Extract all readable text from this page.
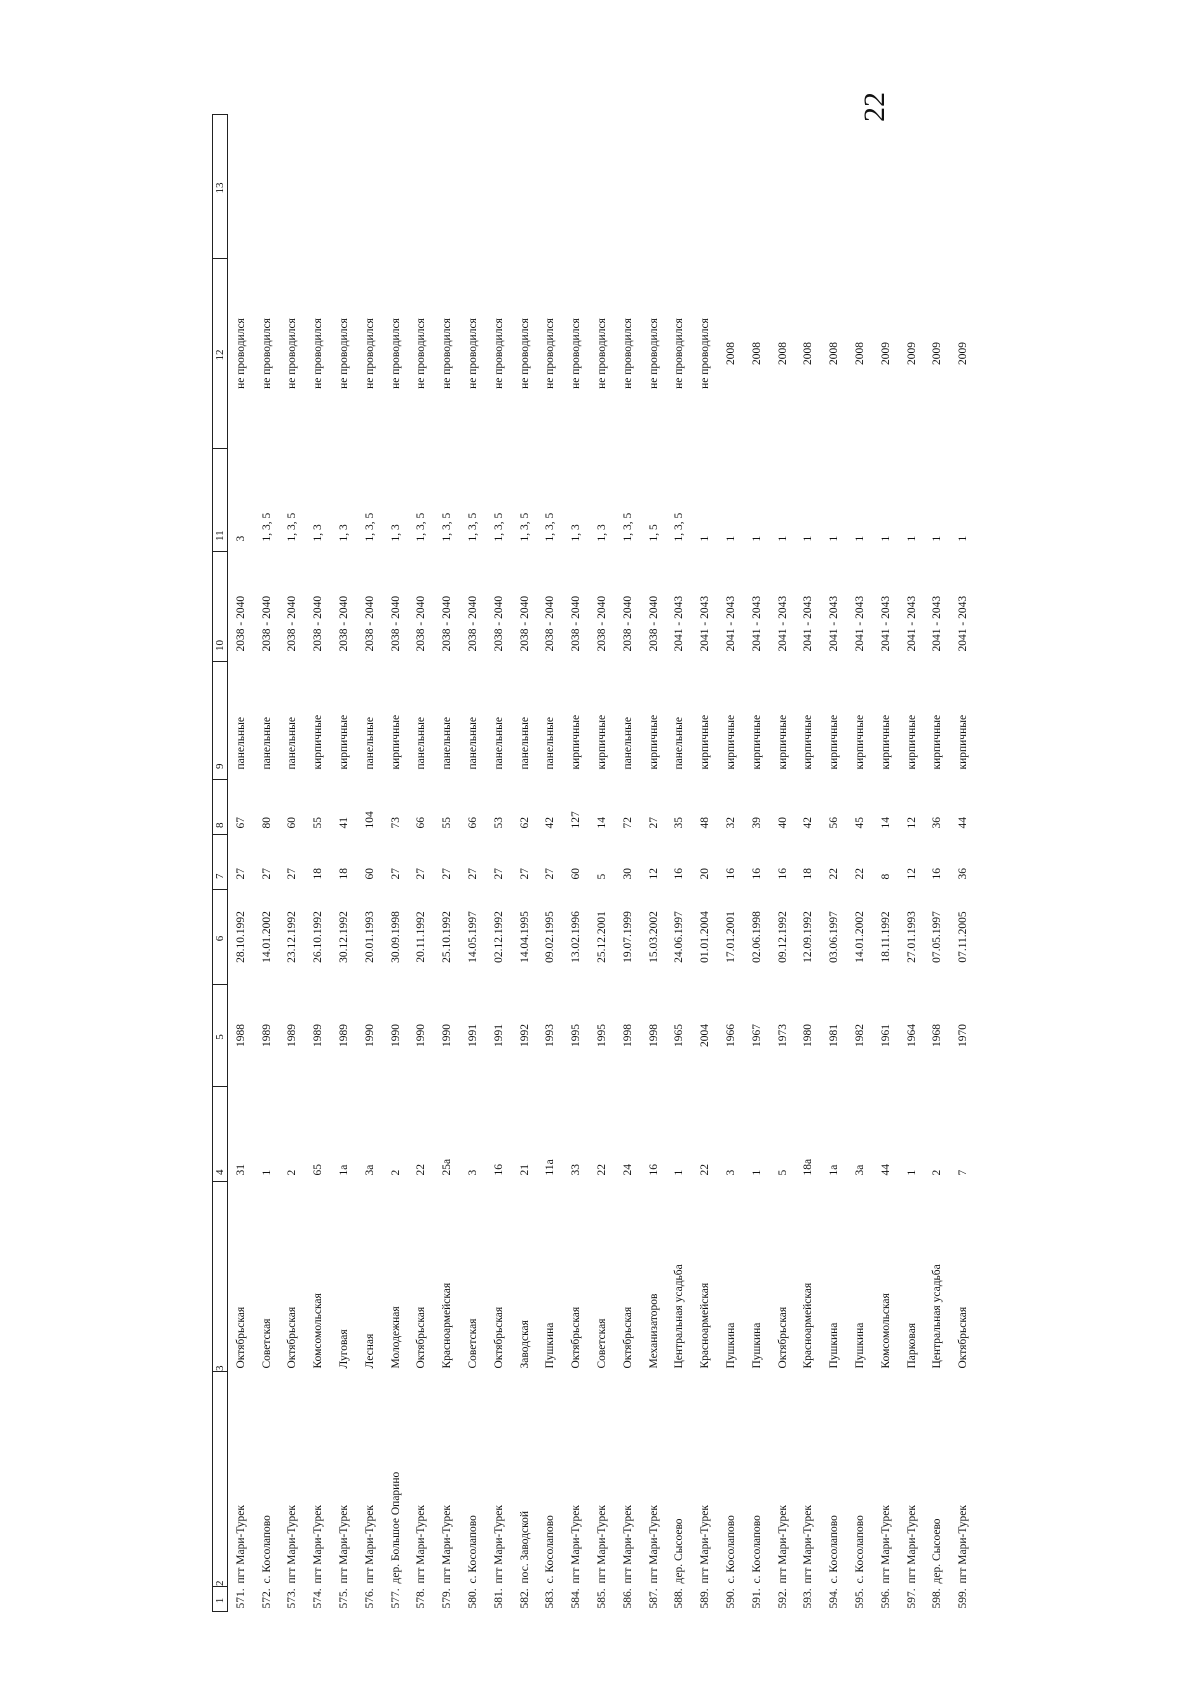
22
1	2	3	4	5	6	7	8	9	10	11	12	13
571.	пгт Мари-Турек	Октябрьская	31	1988	28.10.1992	27	67	панельные	2038 - 2040	3	не проводился	
572.	с. Косолапово	Советская	1	1989	14.01.2002	27	80	панельные	2038 - 2040	1, 3, 5	не проводился	
573.	пгт Мари-Турек	Октябрьская	2	1989	23.12.1992	27	60	панельные	2038 - 2040	1, 3, 5	не проводился	
574.	пгт Мари-Турек	Комсомольская	65	1989	26.10.1992	18	55	кирпичные	2038 - 2040	1, 3	не проводился	
575.	пгт Мари-Турек	Луговая	1а	1989	30.12.1992	18	41	кирпичные	2038 - 2040	1, 3	не проводился	
576.	пгт Мари-Турек	Лесная	3а	1990	20.01.1993	60	104	панельные	2038 - 2040	1, 3, 5	не проводился	
577.	дер. Большое Опарино	Молодежная	2	1990	30.09.1998	27	73	кирпичные	2038 - 2040	1, 3	не проводился	
578.	пгт Мари-Турек	Октябрьская	22	1990	20.11.1992	27	66	панельные	2038 - 2040	1, 3, 5	не проводился	
579.	пгт Мари-Турек	Красноармейская	25а	1990	25.10.1992	27	55	панельные	2038 - 2040	1, 3, 5	не проводился	
580.	с. Косолапово	Советская	3	1991	14.05.1997	27	66	панельные	2038 - 2040	1, 3, 5	не проводился	
581.	пгт Мари-Турек	Октябрьская	16	1991	02.12.1992	27	53	панельные	2038 - 2040	1, 3, 5	не проводился	
582.	пос. Заводской	Заводская	21	1992	14.04.1995	27	62	панельные	2038 - 2040	1, 3, 5	не проводился	
583.	с. Косолапово	Пушкина	11а	1993	09.02.1995	27	42	панельные	2038 - 2040	1, 3, 5	не проводился	
584.	пгт Мари-Турек	Октябрьская	33	1995	13.02.1996	60	127	кирпичные	2038 - 2040	1, 3	не проводился	
585.	пгт Мари-Турек	Советская	22	1995	25.12.2001	5	14	кирпичные	2038 - 2040	1, 3	не проводился	
586.	пгт Мари-Турек	Октябрьская	24	1998	19.07.1999	30	72	панельные	2038 - 2040	1, 3, 5	не проводился	
587.	пгт Мари-Турек	Механизаторов	16	1998	15.03.2002	12	27	кирпичные	2038 - 2040	1, 5	не проводился	
588.	дер. Сысоево	Центральная усадьба	1	1965	24.06.1997	16	35	панельные	2041 - 2043	1, 3, 5	не проводился	
589.	пгт Мари-Турек	Красноармейская	22	2004	01.01.2004	20	48	кирпичные	2041 - 2043	1	не проводился	
590.	с. Косолапово	Пушкина	3	1966	17.01.2001	16	32	кирпичные	2041 - 2043	1	2008	
591.	с. Косолапово	Пушкина	1	1967	02.06.1998	16	39	кирпичные	2041 - 2043	1	2008	
592.	пгт Мари-Турек	Октябрьская	5	1973	09.12.1992	16	40	кирпичные	2041 - 2043	1	2008	
593.	пгт Мари-Турек	Красноармейская	18а	1980	12.09.1992	18	42	кирпичные	2041 - 2043	1	2008	
594.	с. Косолапово	Пушкина	1а	1981	03.06.1997	22	56	кирпичные	2041 - 2043	1	2008	
595.	с. Косолапово	Пушкина	3а	1982	14.01.2002	22	45	кирпичные	2041 - 2043	1	2008	
596.	пгт Мари-Турек	Комсомольская	44	1961	18.11.1992	8	14	кирпичные	2041 - 2043	1	2009	
597.	пгт Мари-Турек	Парковая	1	1964	27.01.1993	12	12	кирпичные	2041 - 2043	1	2009	
598.	дер. Сысоево	Центральная усадьба	2	1968	07.05.1997	16	36	кирпичные	2041 - 2043	1	2009	
599.	пгт Мари-Турек	Октябрьская	7	1970	07.11.2005	36	44	кирпичные	2041 - 2043	1	2009	
